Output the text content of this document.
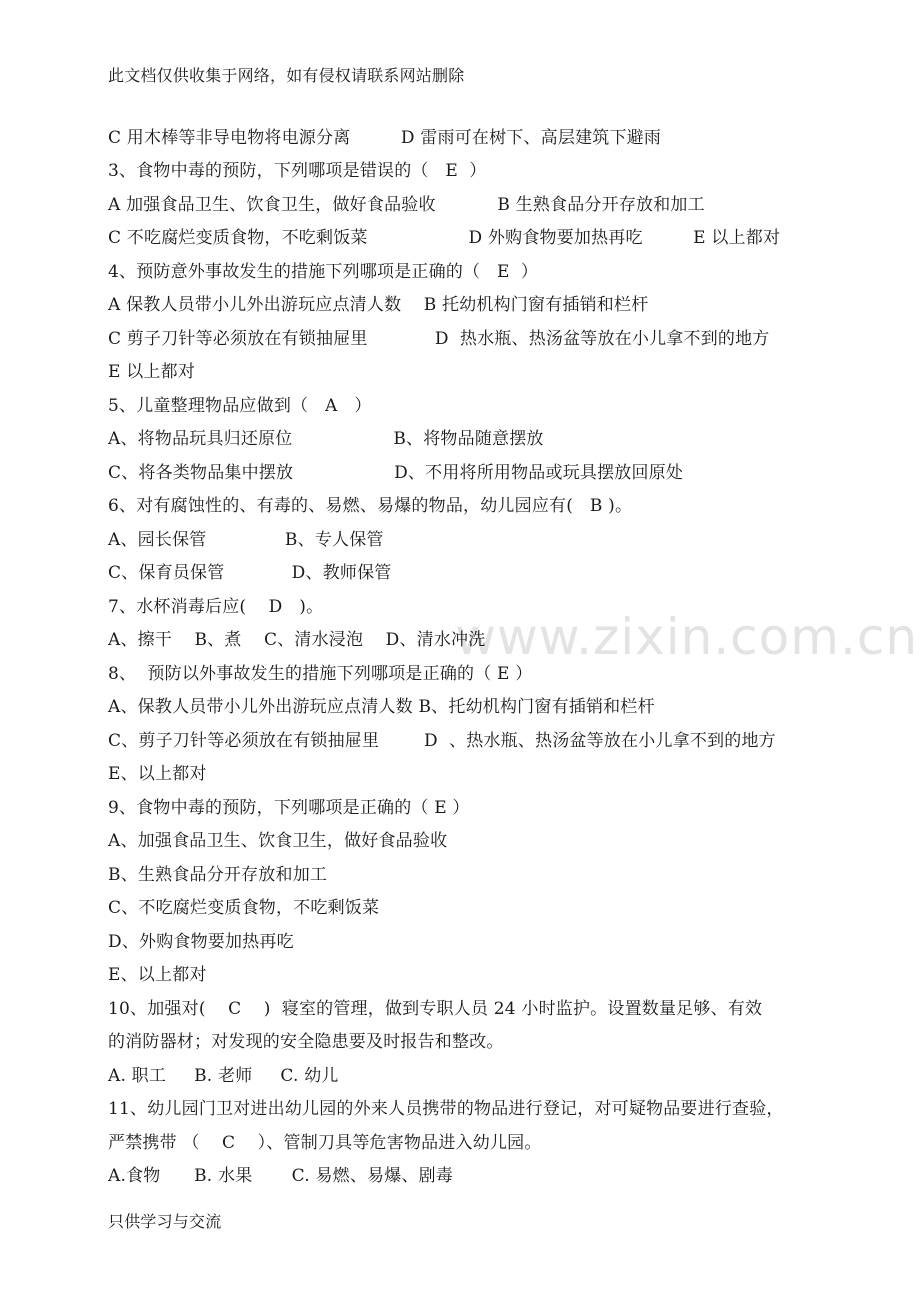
www.zixin.com.cn
此文档仅供收集于网络，如有侵权请联系网站删除
C 用木棒等非导电物将电源分离         D 雷雨可在树下、高层建筑下避雨
3、食物中毒的预防，下列哪项是错误的（   E  ）
A 加强食品卫生、饮食卫生，做好食品验收           B 生熟食品分开存放和加工
C 不吃腐烂变质食物，不吃剩饭菜                  D 外购食物要加热再吃         E 以上都对
4、预防意外事故发生的措施下列哪项是正确的（   E  ）
A 保教人员带小儿外出游玩应点清人数    B 托幼机构门窗有插销和栏杆
C 剪子刀针等必须放在有锁抽屉里            D  热水瓶、热汤盆等放在小儿拿不到的地方
E 以上都对
5、儿童整理物品应做到（   A   ）
A、将物品玩具归还原位                  B、将物品随意摆放
C、将各类物品集中摆放                  D、不用将所用物品或玩具摆放回原处
6、对有腐蚀性的、有毒的、易燃、易爆的物品，幼儿园应有(   B )。
A、园长保管              B、专人保管
C、保育员保管            D、教师保管
7、水杯消毒后应(    D   )。
A、擦干    B、煮    C、清水浸泡    D、清水冲洗
8、  预防以外事故发生的措施下列哪项是正确的（ E ）
A、保教人员带小儿外出游玩应点清人数 B、托幼机构门窗有插销和栏杆
C、剪子刀针等必须放在有锁抽屉里        D  、热水瓶、热汤盆等放在小儿拿不到的地方
E、以上都对
9、食物中毒的预防，下列哪项是正确的（ E ）
A、加强食品卫生、饮食卫生，做好食品验收
B、生熟食品分开存放和加工
C、不吃腐烂变质食物，不吃剩饭菜
D、外购食物要加热再吃
E、以上都对
10、加强对(    C    )  寝室的管理，做到专职人员 24 小时监护。设置数量足够、有效
的消防器材；对发现的安全隐患要及时报告和整改。
A. 职工     B. 老师     C. 幼儿
11、幼儿园门卫对进出幼儿园的外来人员携带的物品进行登记，对可疑物品要进行查验，
严禁携带 （    C    ）、管制刀具等危害物品进入幼儿园。
A.食物      B. 水果       C. 易燃、易爆、剧毒
只供学习与交流
